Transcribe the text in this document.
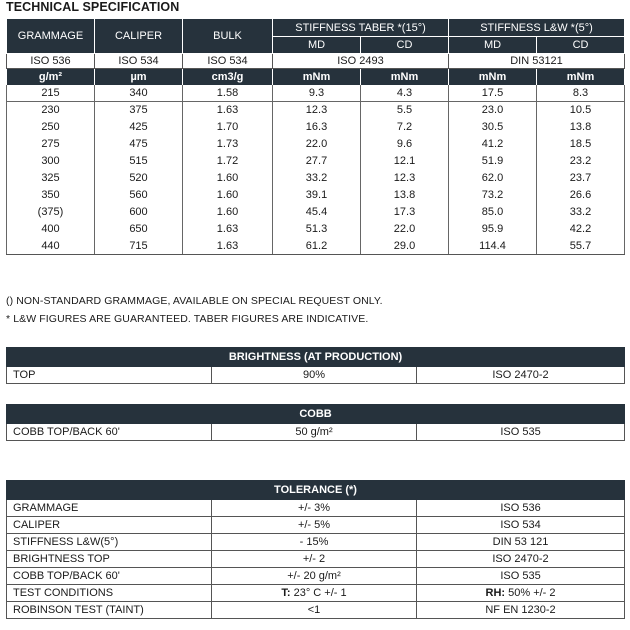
TECHNICAL SPECIFICATION
GRAMMAGE	CALIPER	BULK	STIFFNESS TABER *(15°)		STIFFNESS L&W *(5°)	
			MD	CD	MD	CD
ISO 536	ISO 534	ISO 534	ISO 2493		DIN 53121	
g/m²	µm	cm3/g	mNm	mNm	mNm	mNm
215	340	1.58	9.3	4.3	17.5	8.3
230	375	1.63	12.3	5.5	23.0	10.5
250	425	1.70	16.3	7.2	30.5	13.8
275	475	1.73	22.0	9.6	41.2	18.5
300	515	1.72	27.7	12.1	51.9	23.2
325	520	1.60	33.2	12.3	62.0	23.7
350	560	1.60	39.1	13.8	73.2	26.6
(375)	600	1.60	45.4	17.3	85.0	33.2
400	650	1.63	51.3	22.0	95.9	42.2
440	715	1.63	61.2	29.0	114.4	55.7
() NON-STANDARD GRAMMAGE, AVAILABLE ON SPECIAL REQUEST ONLY.
* L&W FIGURES ARE GUARANTEED. TABER FIGURES ARE INDICATIVE.
BRIGHTNESS (AT PRODUCTION)
TOP	90%	ISO 2470-2
COBB
COBB TOP/BACK 60'	50 g/m²	ISO 535
TOLERANCE (*)		
GRAMMAGE	+/- 3%	ISO 536
CALIPER	+/- 5%	ISO 534
STIFFNESS L&W(5°)	- 15%	DIN 53 121
BRIGHTNESS TOP	+/- 2	ISO 2470-2
COBB TOP/BACK 60'	+/- 20 g/m²	ISO 535
TEST CONDITIONS	T: 23° C +/- 1	RH: 50% +/- 2
ROBINSON TEST (TAINT)	<1	NF EN 1230-2
